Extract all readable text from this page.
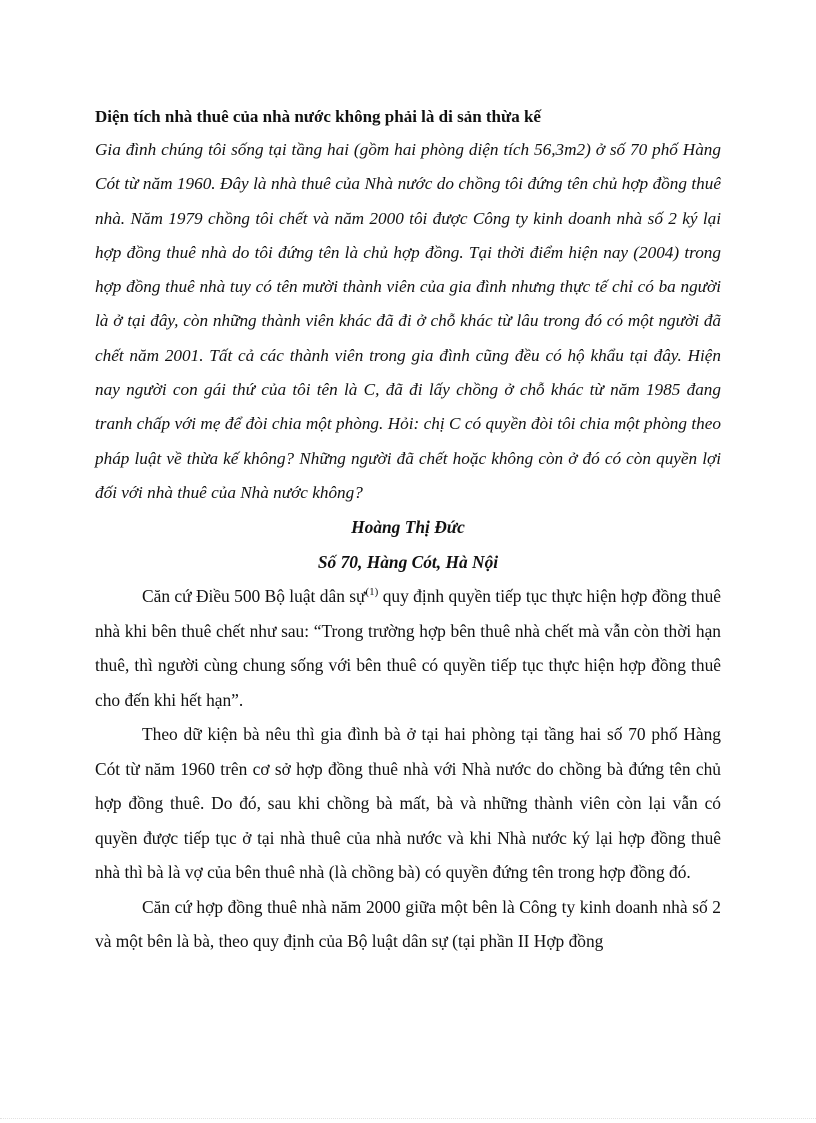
Diện tích nhà thuê của nhà nước không phải là di sản thừa kế

Gia đình chúng tôi sống tại tầng hai (gồm hai phòng diện tích 56,3m2) ở số 70 phố Hàng Cót từ năm 1960. Đây là nhà thuê của Nhà nước do chồng tôi đứng tên chủ hợp đồng thuê nhà. Năm 1979 chồng tôi chết và năm 2000 tôi được Công ty kinh doanh nhà số 2 ký lại hợp đồng thuê nhà do tôi đứng tên là chủ hợp đồng. Tại thời điểm hiện nay (2004) trong hợp đồng thuê nhà tuy có tên mười thành viên của gia đình nhưng thực tế chỉ có ba người là ở tại đây, còn những thành viên khác đã đi ở chỗ khác từ lâu trong đó có một người đã chết năm 2001. Tất cả các thành viên trong gia đình cũng đều có hộ khẩu tại đây. Hiện nay người con gái thứ của tôi tên là C, đã đi lấy chồng ở chỗ khác từ năm 1985 đang tranh chấp với mẹ để đòi chia một phòng. Hỏi: chị C có quyền đòi tôi chia một phòng theo pháp luật về thừa kế không? Những người đã chết hoặc không còn ở đó có còn quyền lợi đối với nhà thuê của Nhà nước không?

Hoàng Thị Đức

Số 70, Hàng Cót, Hà Nội

Căn cứ Điều 500 Bộ luật dân sự$^{(1)}$ quy định quyền tiếp tục thực hiện hợp đồng thuê nhà khi bên thuê chết như sau: “Trong trường hợp bên thuê nhà chết mà vẫn còn thời hạn thuê, thì người cùng chung sống với bên thuê có quyền tiếp tục thực hiện hợp đồng thuê cho đến khi hết hạn”.

Theo dữ kiện bà nêu thì gia đình bà ở tại hai phòng tại tầng hai số 70 phố Hàng Cót từ năm 1960 trên cơ sở hợp đồng thuê nhà với Nhà nước do chồng bà đứng tên chủ hợp đồng thuê. Do đó, sau khi chồng bà mất, bà và những thành viên còn lại vẫn có quyền được tiếp tục ở tại nhà thuê của nhà nước và khi Nhà nước ký lại hợp đồng thuê nhà thì bà là vợ của bên thuê nhà (là chồng bà) có quyền đứng tên trong hợp đồng đó.

Căn cứ hợp đồng thuê nhà năm 2000 giữa một bên là Công ty kinh doanh nhà số 2 và một bên là bà, theo quy định của Bộ luật dân sự (tại phần II Hợp đồng
